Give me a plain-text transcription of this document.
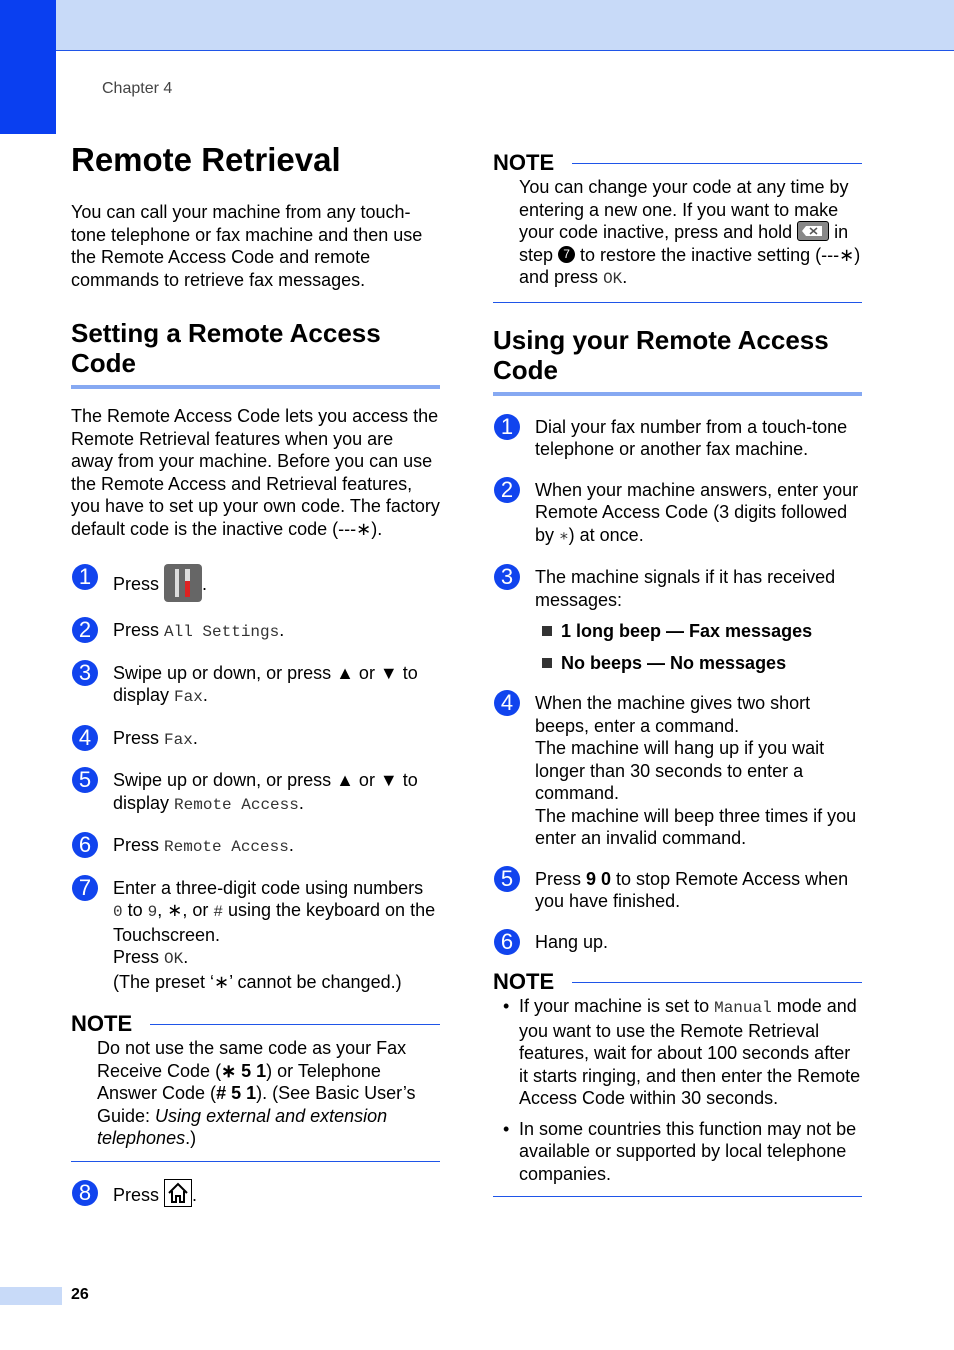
Chapter 4
Remote Retrieval

You can call your machine from any touch-tone telephone or fax machine and then use the Remote Access Code and remote commands to retrieve fax messages.

Setting a Remote Access Code

The Remote Access Code lets you access the Remote Retrieval features when you are away from your machine. Before you can use the Remote Access and Retrieval features, you have to set up your own code. The factory default code is the inactive code (---∗).

1	Press .
2	Press All Settings.
3	Swipe up or down, or press ▲ or ▼ to
display Fax.
4	Press Fax.
5	Swipe up or down, or press ▲ or ▼ to
display Remote Access.
6	Press Remote Access.
7	Enter a three-digit code using numbers
0 to 9, ∗, or # using the keyboard on the
Touchscreen.
Press OK.
(The preset ‘∗’ cannot be changed.)
NOTE
Do not use the same code as your Fax Receive Code (∗ 5 1) or Telephone Answer Code (# 5 1). (See Basic User’s Guide: Using external and extension telephones.)
8	Press .
NOTE
You can change your code at any time by entering a new one. If you want to make
your code inactive, press and hold  in
step 7 to restore the inactive setting (---∗)
and press OK.
Using your Remote Access Code
1	Dial your fax number from a touch-tone telephone or another fax machine.
2	When your machine answers, enter your Remote Access Code (3 digits followed by ∗) at once.
3	The machine signals if it has received messages:
1 long beep — Fax messages
No beeps — No messages
4	When the machine gives two short beeps, enter a command.
The machine will hang up if you wait longer than 30 seconds to enter a command.
The machine will beep three times if you enter an invalid command.
5	Press 9 0 to stop Remote Access when you have finished.
6	Hang up.
NOTE
• If your machine is set to Manual mode and you want to use the Remote Retrieval features, wait for about 100 seconds after it starts ringing, and then enter the Remote Access Code within 30 seconds.
• In some countries this function may not be available or supported by local telephone companies.
26
